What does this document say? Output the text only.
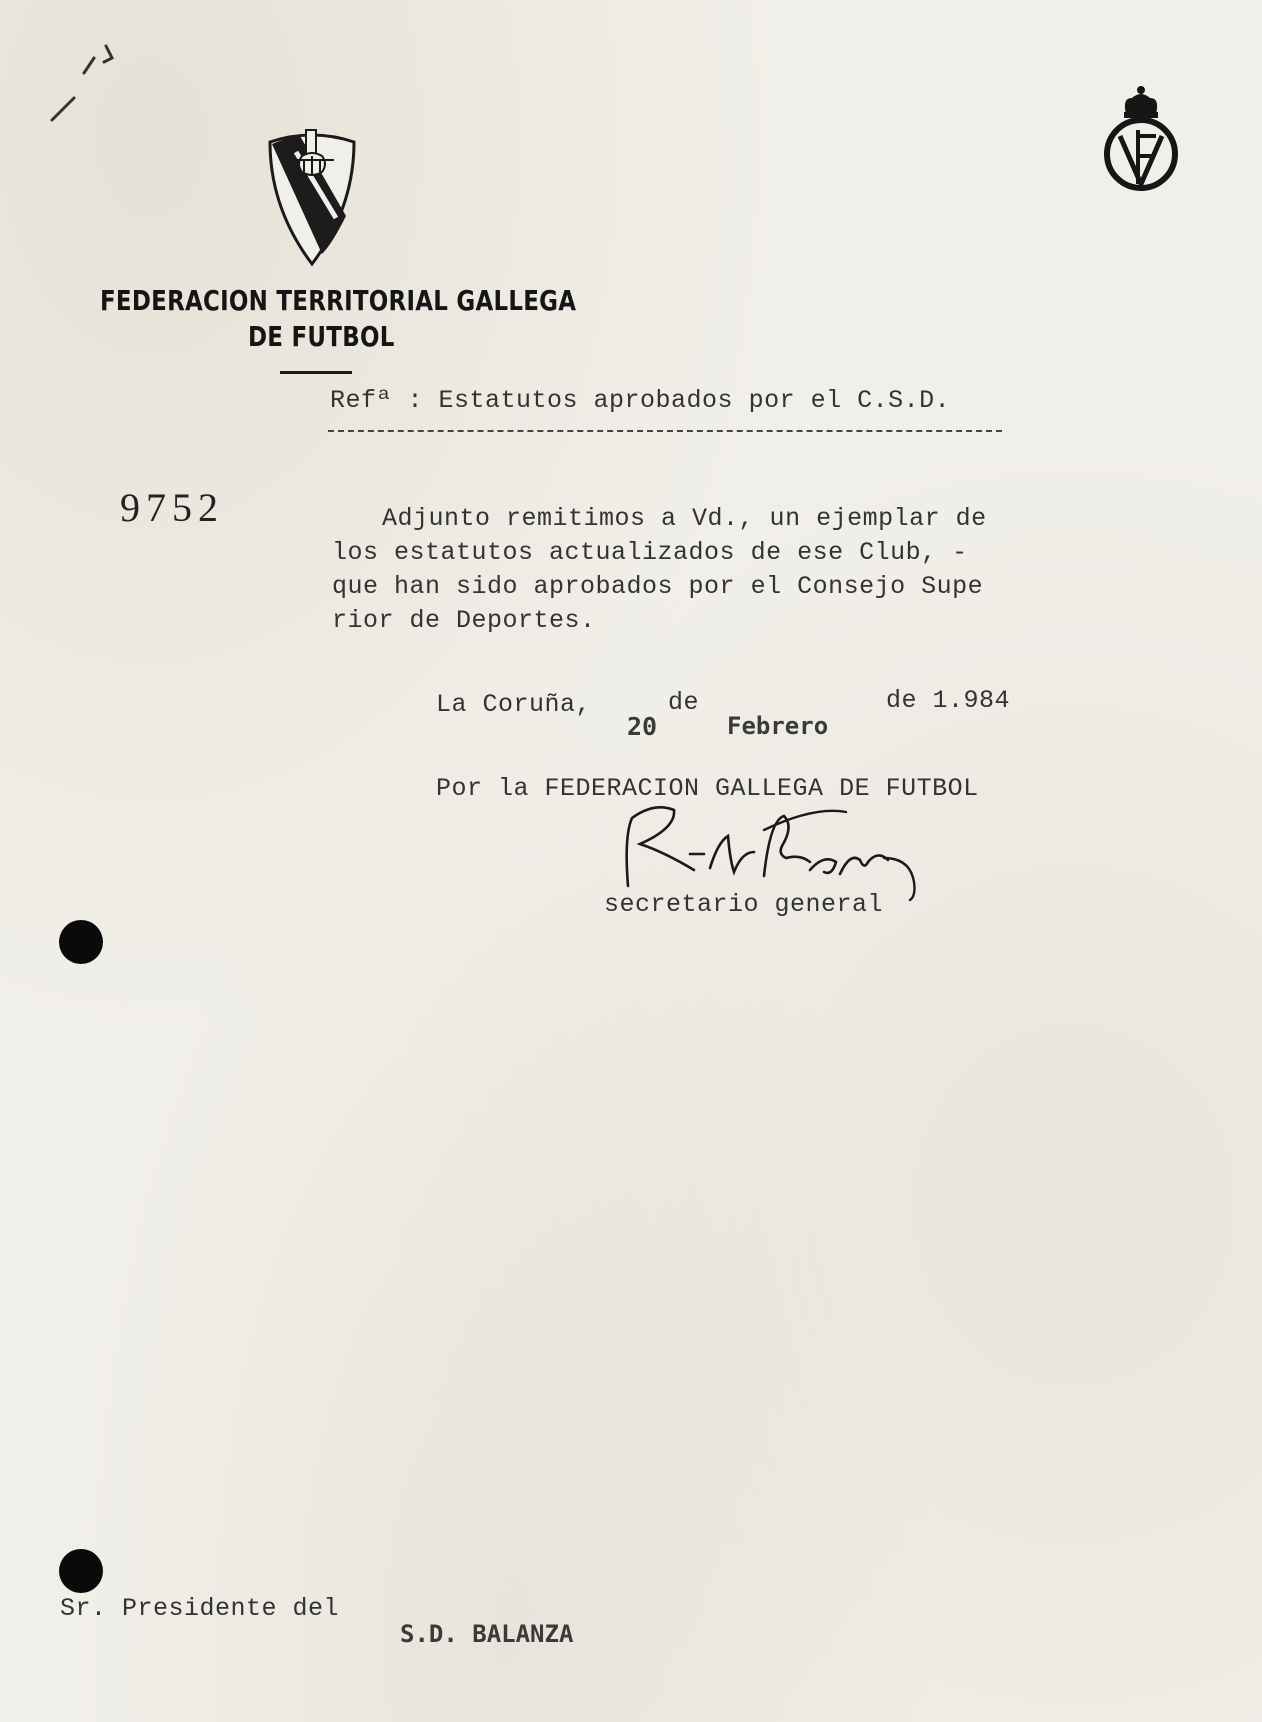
FEDERACION TERRITORIAL GALLEGA
DE FUTBOL
Refª : Estatutos aprobados por el C.S.D.
9752	Adjunto remitimos a Vd., un ejemplar de
los estatutos actualizados de ese Club, -
que han sido aprobados por el Consejo Supe
rior de Deportes.
La Coruña,	de
20	Febrero
de 1.984
Por la FEDERACION GALLEGA DE FUTBOL
secretario general
Sr. Presidente del
S.D. BALANZA
